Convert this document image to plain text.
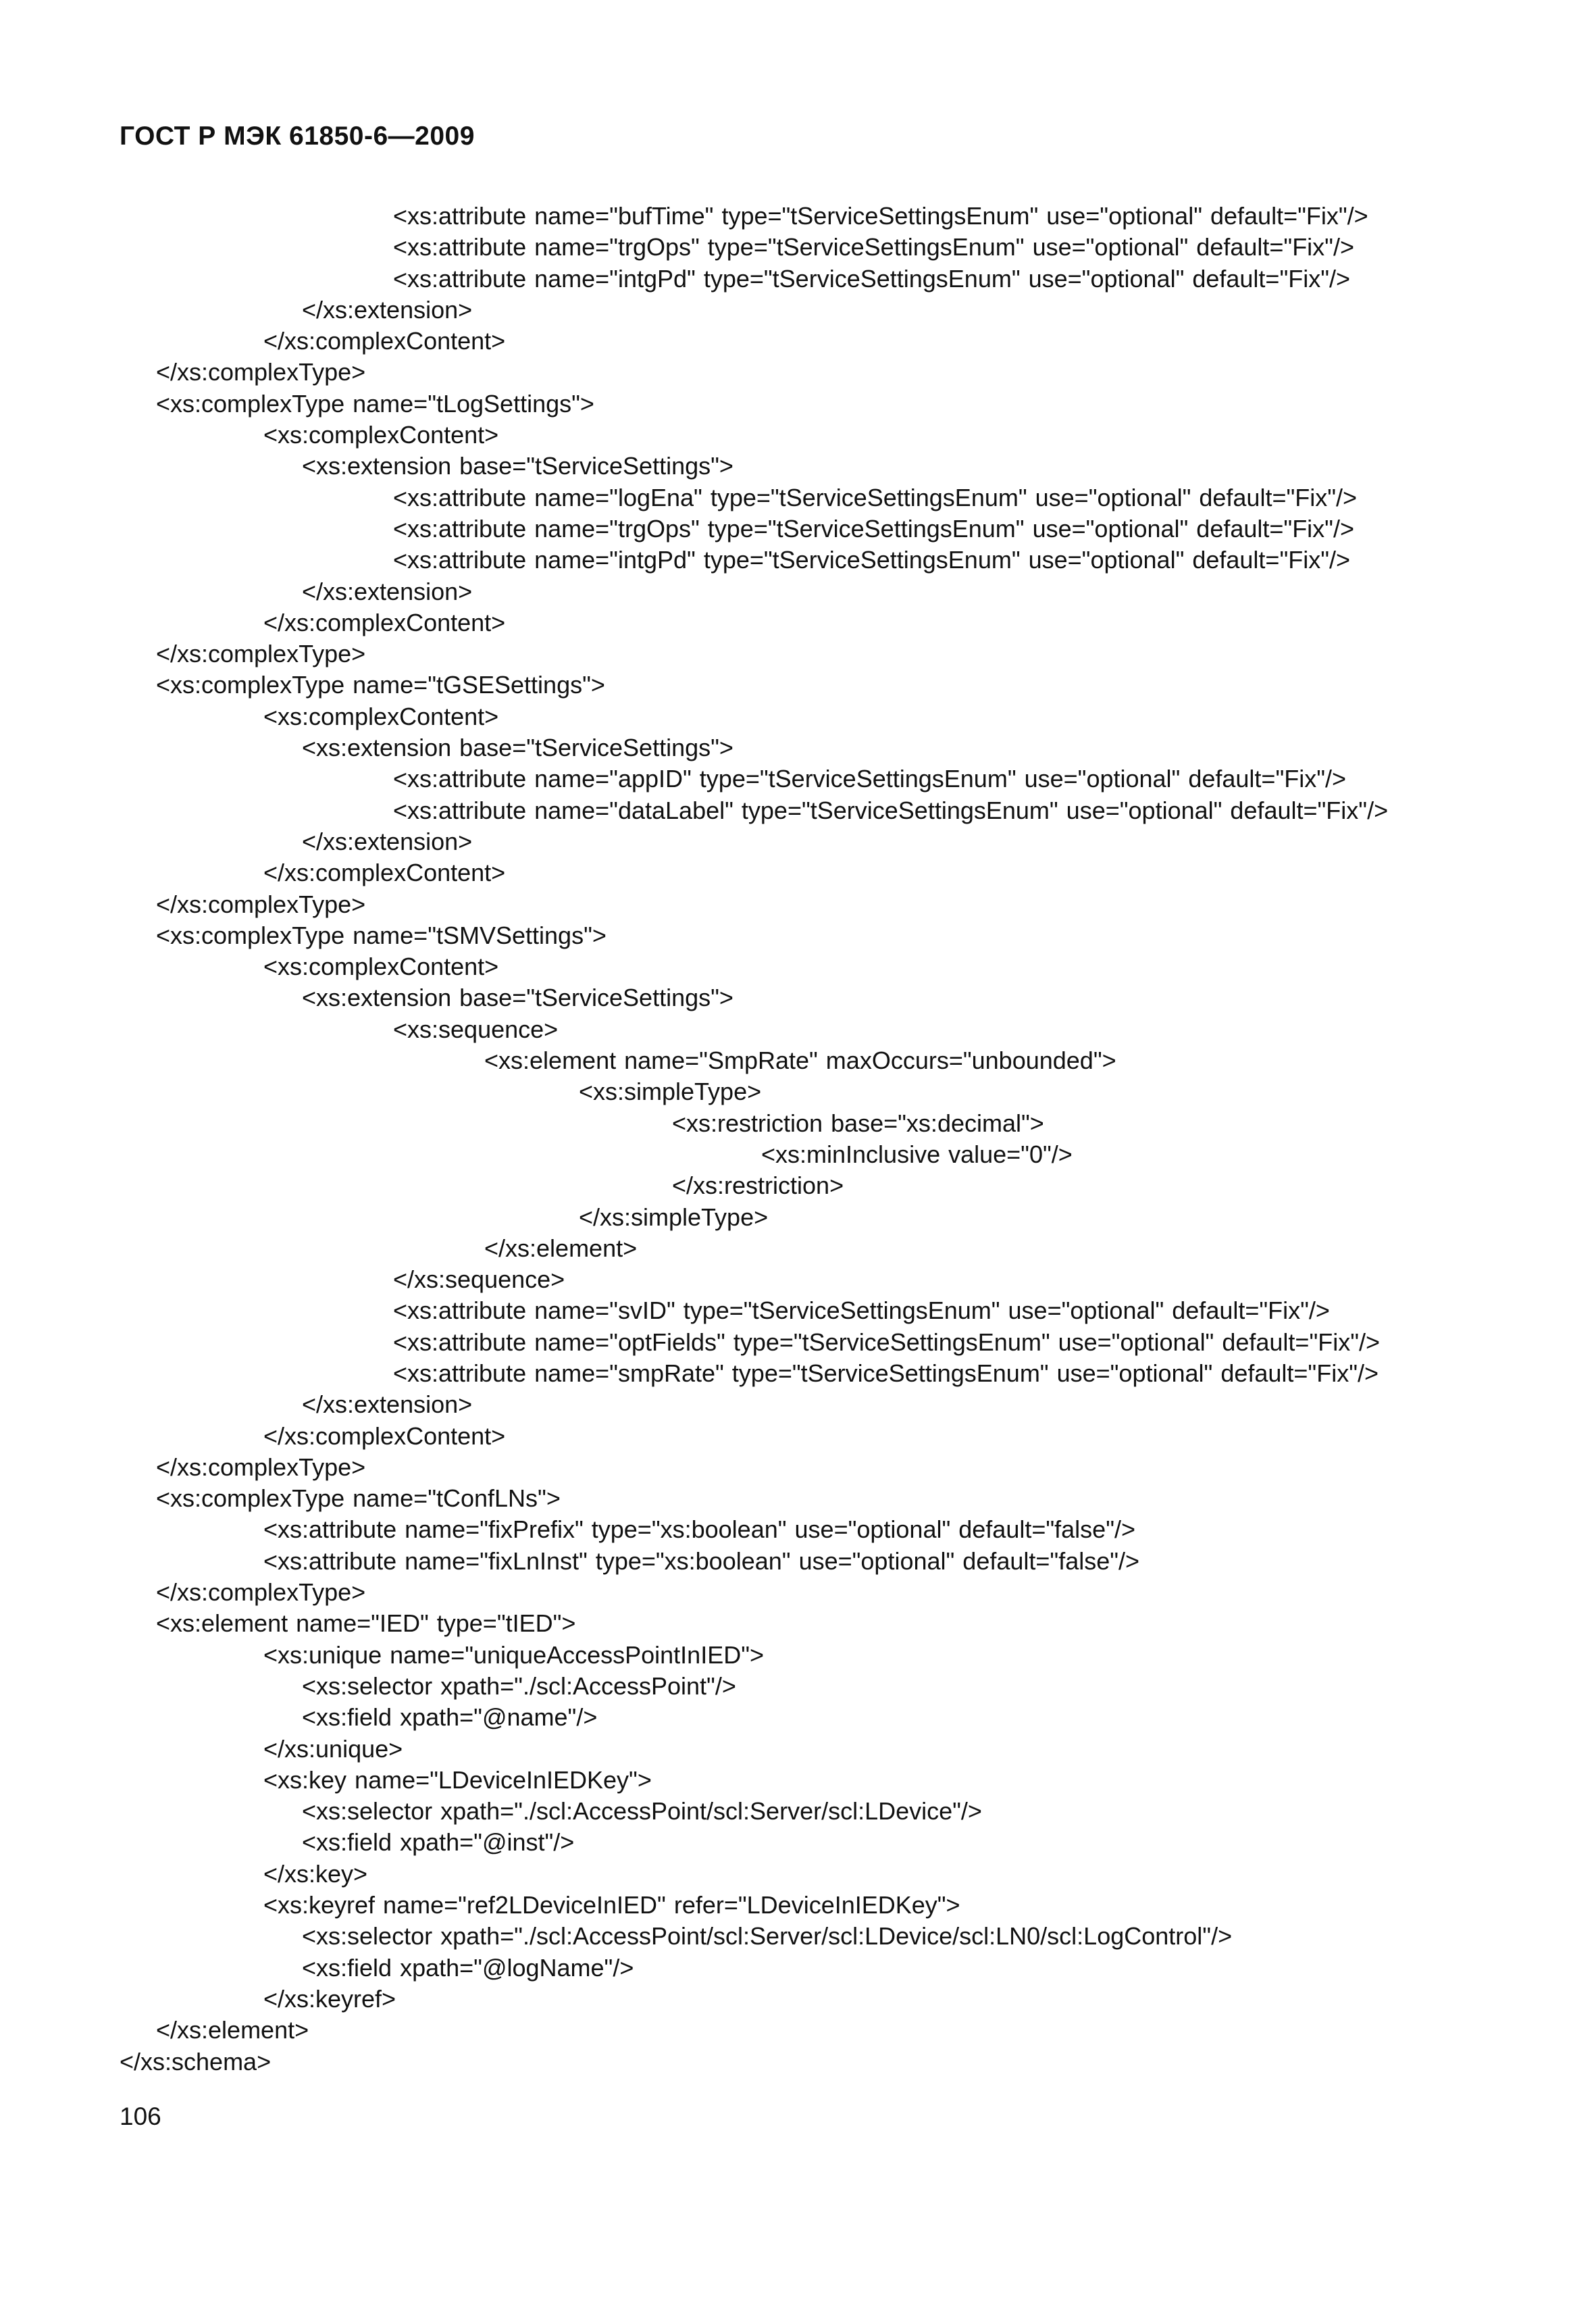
ГОСТ Р МЭК 61850-6—2009
<xs:attribute name="bufTime" type="tServiceSettingsEnum" use="optional" default="Fix"/>
<xs:attribute name="trgOps" type="tServiceSettingsEnum" use="optional" default="Fix"/>
<xs:attribute name="intgPd" type="tServiceSettingsEnum" use="optional" default="Fix"/>
</xs:extension>
</xs:complexContent>
</xs:complexType>
<xs:complexType name="tLogSettings">
<xs:complexContent>
<xs:extension base="tServiceSettings">
<xs:attribute name="logEna" type="tServiceSettingsEnum" use="optional" default="Fix"/>
<xs:attribute name="trgOps" type="tServiceSettingsEnum" use="optional" default="Fix"/>
<xs:attribute name="intgPd" type="tServiceSettingsEnum" use="optional" default="Fix"/>
</xs:extension>
</xs:complexContent>
</xs:complexType>
<xs:complexType name="tGSESettings">
<xs:complexContent>
<xs:extension base="tServiceSettings">
<xs:attribute name="appID" type="tServiceSettingsEnum" use="optional" default="Fix"/>
<xs:attribute name="dataLabel" type="tServiceSettingsEnum" use="optional" default="Fix"/>
</xs:extension>
</xs:complexContent>
</xs:complexType>
<xs:complexType name="tSMVSettings">
<xs:complexContent>
<xs:extension base="tServiceSettings">
<xs:sequence>
<xs:element name="SmpRate" maxOccurs="unbounded">
<xs:simpleType>
<xs:restriction base="xs:decimal">
<xs:minInclusive value="0"/>
</xs:restriction>
</xs:simpleType>
</xs:element>
</xs:sequence>
<xs:attribute name="svID" type="tServiceSettingsEnum" use="optional" default="Fix"/>
<xs:attribute name="optFields" type="tServiceSettingsEnum" use="optional" default="Fix"/>
<xs:attribute name="smpRate" type="tServiceSettingsEnum" use="optional" default="Fix"/>
</xs:extension>
</xs:complexContent>
</xs:complexType>
<xs:complexType name="tConfLNs">
<xs:attribute name="fixPrefix" type="xs:boolean" use="optional" default="false"/>
<xs:attribute name="fixLnInst" type="xs:boolean" use="optional" default="false"/>
</xs:complexType>
<xs:element name="IED" type="tIED">
<xs:unique name="uniqueAccessPointInIED">
<xs:selector xpath="./scl:AccessPoint"/>
<xs:field xpath="@name"/>
</xs:unique>
<xs:key name="LDeviceInIEDKey">
<xs:selector xpath="./scl:AccessPoint/scl:Server/scl:LDevice"/>
<xs:field xpath="@inst"/>
</xs:key>
<xs:keyref name="ref2LDeviceInIED" refer="LDeviceInIEDKey">
<xs:selector xpath="./scl:AccessPoint/scl:Server/scl:LDevice/scl:LN0/scl:LogControl"/>
<xs:field xpath="@logName"/>
</xs:keyref>
</xs:element>
</xs:schema>
106
